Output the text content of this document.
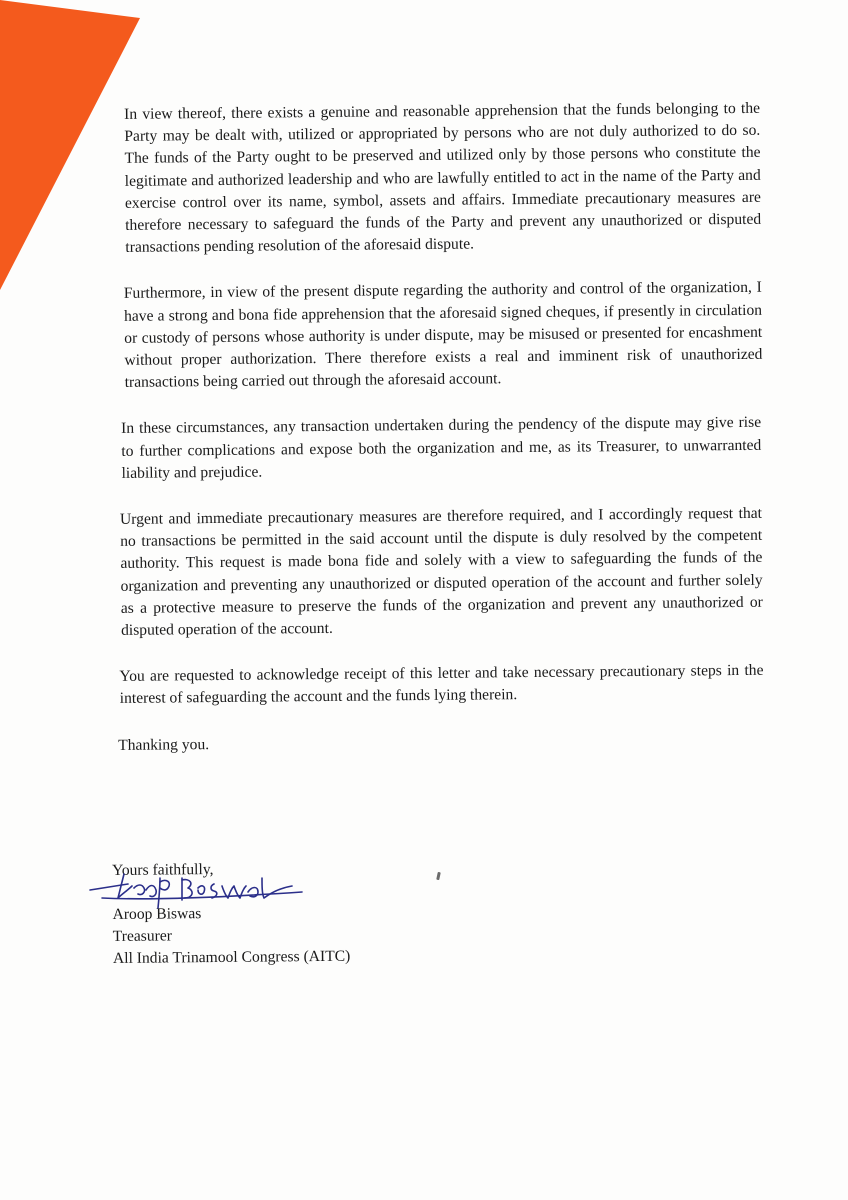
In view thereof, there exists a genuine and reasonable apprehension that the funds belonging to the Party may be dealt with, utilized or appropriated by persons who are not duly authorized to do so. The funds of the Party ought to be preserved and utilized only by those persons who constitute the legitimate and authorized leadership and who are lawfully entitled to act in the name of the Party and exercise control over its name, symbol, assets and affairs. Immediate precautionary measures are therefore necessary to safeguard the funds of the Party and prevent any unauthorized or disputed transactions pending resolution of the aforesaid dispute.

Furthermore, in view of the present dispute regarding the authority and control of the organization, I have a strong and bona fide apprehension that the aforesaid signed cheques, if presently in circulation or custody of persons whose authority is under dispute, may be misused or presented for encashment without proper authorization. There therefore exists a real and imminent risk of unauthorized transactions being carried out through the aforesaid account.

In these circumstances, any transaction undertaken during the pendency of the dispute may give rise to further complications and expose both the organization and me, as its Treasurer, to unwarranted liability and prejudice.

Urgent and immediate precautionary measures are therefore required, and I accordingly request that no transactions be permitted in the said account until the dispute is duly resolved by the competent authority. This request is made bona fide and solely with a view to safeguarding the funds of the organization and preventing any unauthorized or disputed operation of the account and further solely as a protective measure to preserve the funds of the organization and prevent any unauthorized or disputed operation of the account.

You are requested to acknowledge receipt of this letter and take necessary precautionary steps in the interest of safeguarding the account and the funds lying therein.

Thanking you.

Yours faithfully,
Aroop Biswas
Treasurer
All India Trinamool Congress (AITC)
